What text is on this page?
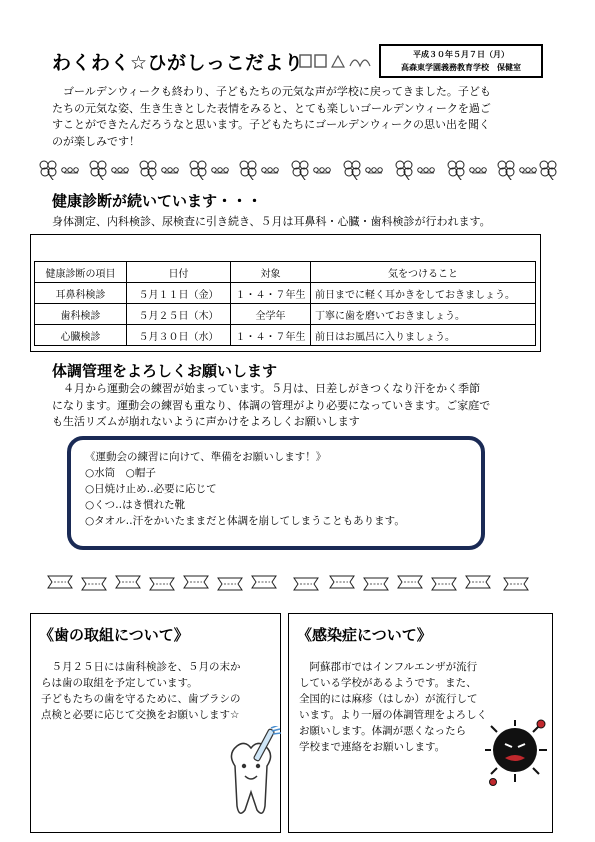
わくわく☆ひがしっこだより	平成３０年５月７日（月）
高森東学園義務教育学校　保健室
　ゴールデンウィークも終わり、子どもたちの元気な声が学校に戻ってきました。子ども
たちの元気な姿、生き生きとした表情をみると、とても楽しいゴールデンウィークを過ご
すことができたんだろうなと思います。子どもたちにゴールデンウィークの思い出を聞く
のが楽しみです！
健康診断が続いています・・・
身体測定、内科検診、尿検査に引き続き、５月は耳鼻科・心臓・歯科検診が行われます。
健康診断の項目	日付	対象	気をつけること
耳鼻科検診	５月１１日（金）	１・４・７年生	前日までに軽く耳かきをしておきましょう。
歯科検診	５月２５日（木）	全学年	丁寧に歯を磨いておきましょう。
心臓検診	５月３０日（水）	１・４・７年生	前日はお風呂に入りましょう。
体調管理をよろしくお願いします
　４月から運動会の練習が始まっています。５月は、日差しがきつくなり汗をかく季節
になります。運動会の練習も重なり、体調の管理がより必要になっていきます。ご家庭で
も生活リズムが崩れないように声かけをよろしくお願いします
《運動会の練習に向けて、準備をお願いします！》
○水筒　○帽子
○日焼け止め‥必要に応じて
○くつ‥はき慣れた靴
○タオル‥汗をかいたままだと体調を崩してしまうこともあります。
《歯の取組について》
　５月２５日には歯科検診を、５月の末か
らは歯の取組を予定しています。
子どもたちの歯を守るために、歯ブラシの
点検と必要に応じて交換をお願いします☆
《感染症について》
　阿蘇郡市ではインフルエンザが流行
している学校があるようです。また、
全国的には麻疹（はしか）が流行して
います。より一層の体調管理をよろしく
お願いします。体調が悪くなったら
学校まで連絡をお願いします。
